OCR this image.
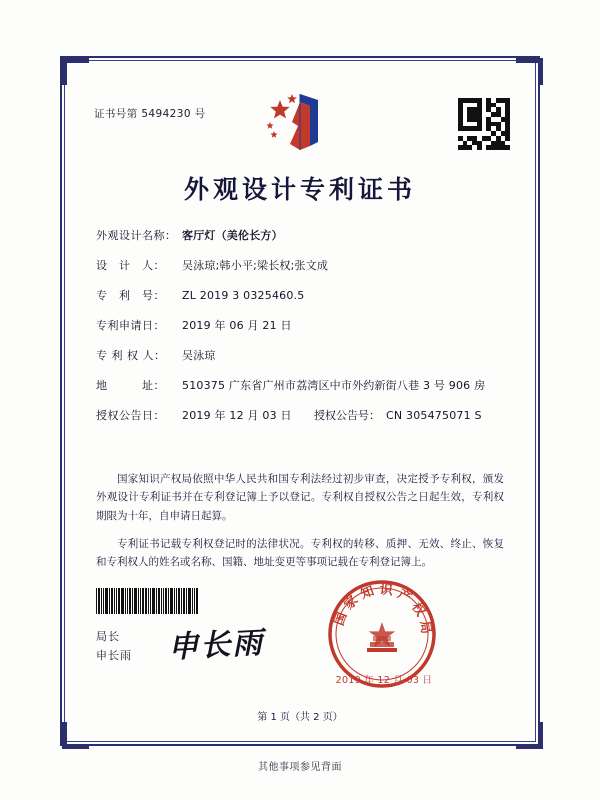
证书号第 5494230 号
外观设计专利证书
外观设计名称： 客厅灯（美伦长方）
设　计　人：	吴泳琼;韩小平;梁长权;张文成
专　利　号：	ZL 2019 3 0325460.5
专利申请日：	2019 年 06 月 21 日
专 利 权 人：	吴泳琼
地　　　址：	510375 广东省广州市荔湾区中市外约新街八巷 3 号 906 房
授权公告日：	2019 年 12 月 03 日 授权公告号： CN 305475071 S
国家知识产权局依照中华人民共和国专利法经过初步审查，决定授予专利权，颁发外观设计专利证书并在专利登记簿上予以登记。专利权自授权公告之日起生效，专利权期限为十年，自申请日起算。
专利证书记载专利权登记时的法律状况。专利权的转移、质押、无效、终止、恢复和专利权人的姓名或名称、国籍、地址变更等事项记载在专利登记簿上。
局长
申长雨 申长雨
国 家 知 识 产 权 局
2019 年 12 月 03 日
第 1 页（共 2 页）
其他事项参见背面
